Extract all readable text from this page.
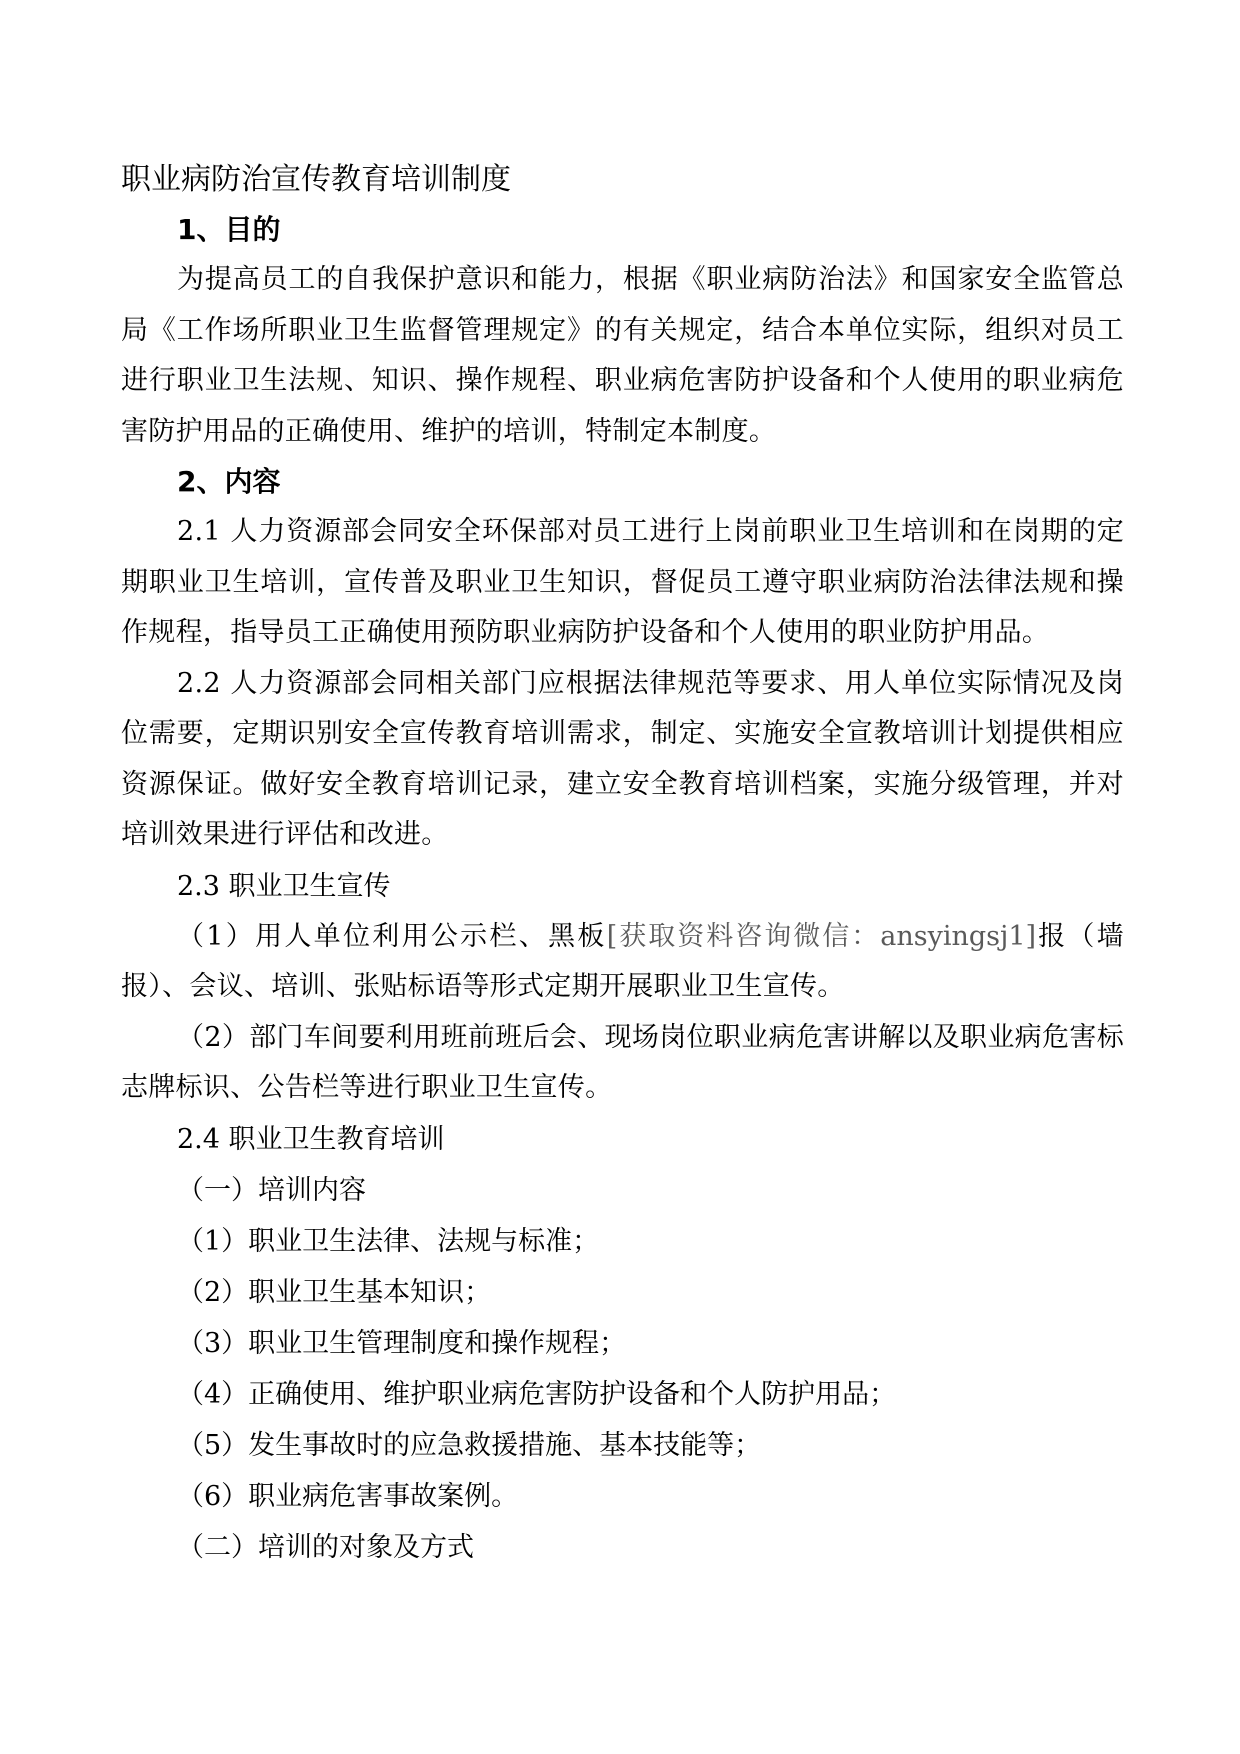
职业病防治宣传教育培训制度
1、目的

为提高员工的自我保护意识和能力，根据《职业病防治法》和国家安全监管总局《工作场所职业卫生监督管理规定》的有关规定，结合本单位实际，组织对员工进行职业卫生法规、知识、操作规程、职业病危害防护设备和个人使用的职业病危害防护用品的正确使用、维护的培训，特制定本制度。

2、内容

2.1 人力资源部会同安全环保部对员工进行上岗前职业卫生培训和在岗期的定期职业卫生培训，宣传普及职业卫生知识，督促员工遵守职业病防治法律法规和操作规程，指导员工正确使用预防职业病防护设备和个人使用的职业防护用品。

2.2 人力资源部会同相关部门应根据法律规范等要求、用人单位实际情况及岗位需要，定期识别安全宣传教育培训需求，制定、实施安全宣教培训计划提供相应资源保证。做好安全教育培训记录，建立安全教育培训档案，实施分级管理，并对培训效果进行评估和改进。

2.3 职业卫生宣传

（1）用人单位利用公示栏、黑板[获取资料咨询微信：ansyingsj1]报（墙报）、会议、培训、张贴标语等形式定期开展职业卫生宣传。

（2）部门车间要利用班前班后会、现场岗位职业病危害讲解以及职业病危害标志牌标识、公告栏等进行职业卫生宣传。

2.4 职业卫生教育培训

（一）培训内容

（1）职业卫生法律、法规与标准；

（2）职业卫生基本知识；

（3）职业卫生管理制度和操作规程；

（4）正确使用、维护职业病危害防护设备和个人防护用品；

（5）发生事故时的应急救援措施、基本技能等；

（6）职业病危害事故案例。

（二）培训的对象及方式
